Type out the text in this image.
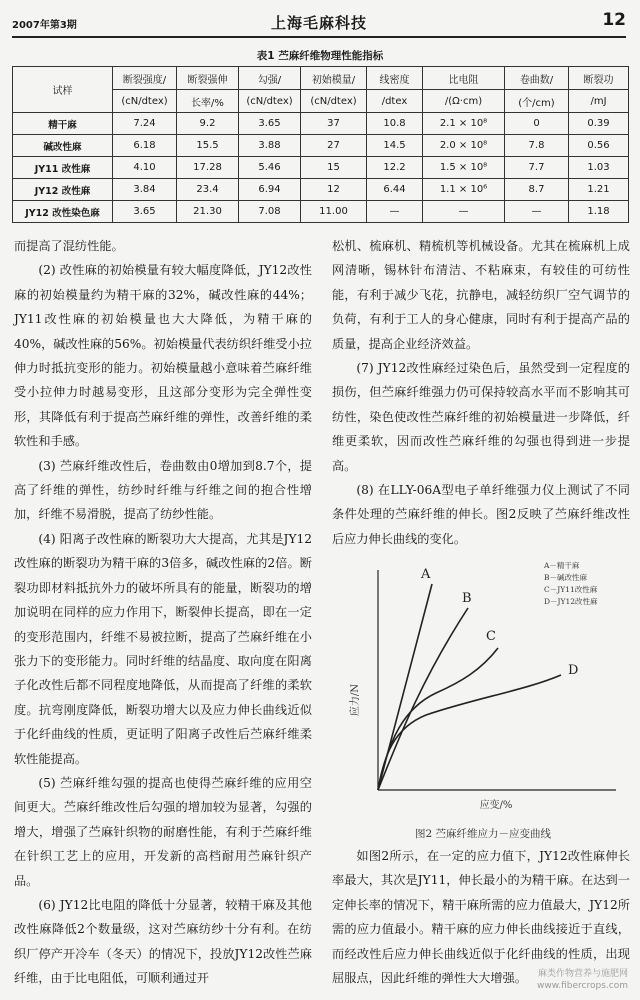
2007年第3期	上海毛麻科技	12
表1 苎麻纤维物理性能指标
试样	断裂强度/	断裂强伸	勾强/	初始模量/	线密度	比电阻	卷曲数/	断裂功
	(cN/dtex)	长率/%	(cN/dtex)	(cN/dtex)	/dtex	/(Ω·cm)	(个/cm)	/mJ
精干麻	7.24	9.2	3.65	37	10.8	2.1 × 10⁸	0	0.39
碱改性麻	6.18	15.5	3.88	27	14.5	2.0 × 10⁸	7.8	0.56
JY11 改性麻	4.10	17.28	5.46	15	12.2	1.5 × 10⁸	7.7	1.03
JY12 改性麻	3.84	23.4	6.94	12	6.44	1.1 × 10⁶	8.7	1.21
JY12 改性染色麻	3.65	21.30	7.08	11.00	—	—	—	1.18

而提高了混纺性能。

(2) 改性麻的初始模量有较大幅度降低，JY12改性麻的初始模量约为精干麻的32%，碱改性麻的44%；JY11改性麻的初始模量也大大降低，为精干麻的40%，碱改性麻的56%。初始模量代表纺织纤维受小拉伸力时抵抗变形的能力。初始模量越小意味着苎麻纤维受小拉伸力时越易变形，且这部分变形为完全弹性变形，其降低有利于提高苎麻纤维的弹性，改善纤维的柔软性和手感。

(3) 苎麻纤维改性后，卷曲数由0增加到8.7个，提高了纤维的弹性，纺纱时纤维与纤维之间的抱合性增加，纤维不易滑脱，提高了纺纱性能。

(4) 阳离子改性麻的断裂功大大提高，尤其是JY12改性麻的断裂功为精干麻的3倍多，碱改性麻的2倍。断裂功即材料抵抗外力的破坏所具有的能量，断裂功的增加说明在同样的应力作用下，断裂伸长提高，即在一定的变形范围内，纤维不易被拉断，提高了苎麻纤维在小张力下的变形能力。同时纤维的结晶度、取向度在阳离子化改性后都不同程度地降低，从而提高了纤维的柔软度。抗弯刚度降低，断裂功增大以及应力伸长曲线近似于化纤曲线的性质，更证明了阳离子改性后苎麻纤维柔软性能提高。

(5) 苎麻纤维勾强的提高也使得苎麻纤维的应用空间更大。苎麻纤维改性后勾强的增加较为显著，勾强的增大，增强了苎麻针织物的耐磨性能，有利于苎麻纤维在针织工艺上的应用，开发新的高档耐用苎麻针织产品。

(6) JY12比电阻的降低十分显著，较精干麻及其他改性麻降低2个数量级，这对苎麻纺纱十分有利。在纺织厂停产开冷车（冬天）的情况下，投放JY12改性苎麻纤维，由于比电阻低，可顺利通过开

松机、梳麻机、精梳机等机械设备。尤其在梳麻机上成网清晰，锡林针布清洁、不粘麻束，有较佳的可纺性能，有利于减少飞花，抗静电，减轻纺织厂空气调节的负荷，有利于工人的身心健康，同时有利于提高产品的质量，提高企业经济效益。

(7) JY12改性麻经过染色后，虽然受到一定程度的损伤，但苎麻纤维强力仍可保持较高水平而不影响其可纺性，染色使改性苎麻纤维的初始模量进一步降低，纤维更柔软，因而改性苎麻纤维的勾强也得到进一步提高。

(8) 在LLY-06A型电子单纤维强力仪上测试了不同条件处理的苎麻纤维的伸长。图2反映了苎麻纤维改性后应力伸长曲线的变化。

应力/N
应变/%
A
B
C
D
A－精干麻
B－碱改性麻
C－JY11改性麻
D－JY12改性麻
图2 苎麻纤维应力－应变曲线

如图2所示，在一定的应力值下，JY12改性麻伸长率最大，其次是JY11，伸长最小的为精干麻。在达到一定伸长率的情况下，精干麻所需的应力值最大，JY12所需的应力值最小。精干麻的应力伸长曲线接近于直线，而经改性后应力伸长曲线近似于化纤曲线的性质，出现屈服点，因此纤维的弹性大大增强。	麻类作物营养与施肥网
www.fibercrops.com
